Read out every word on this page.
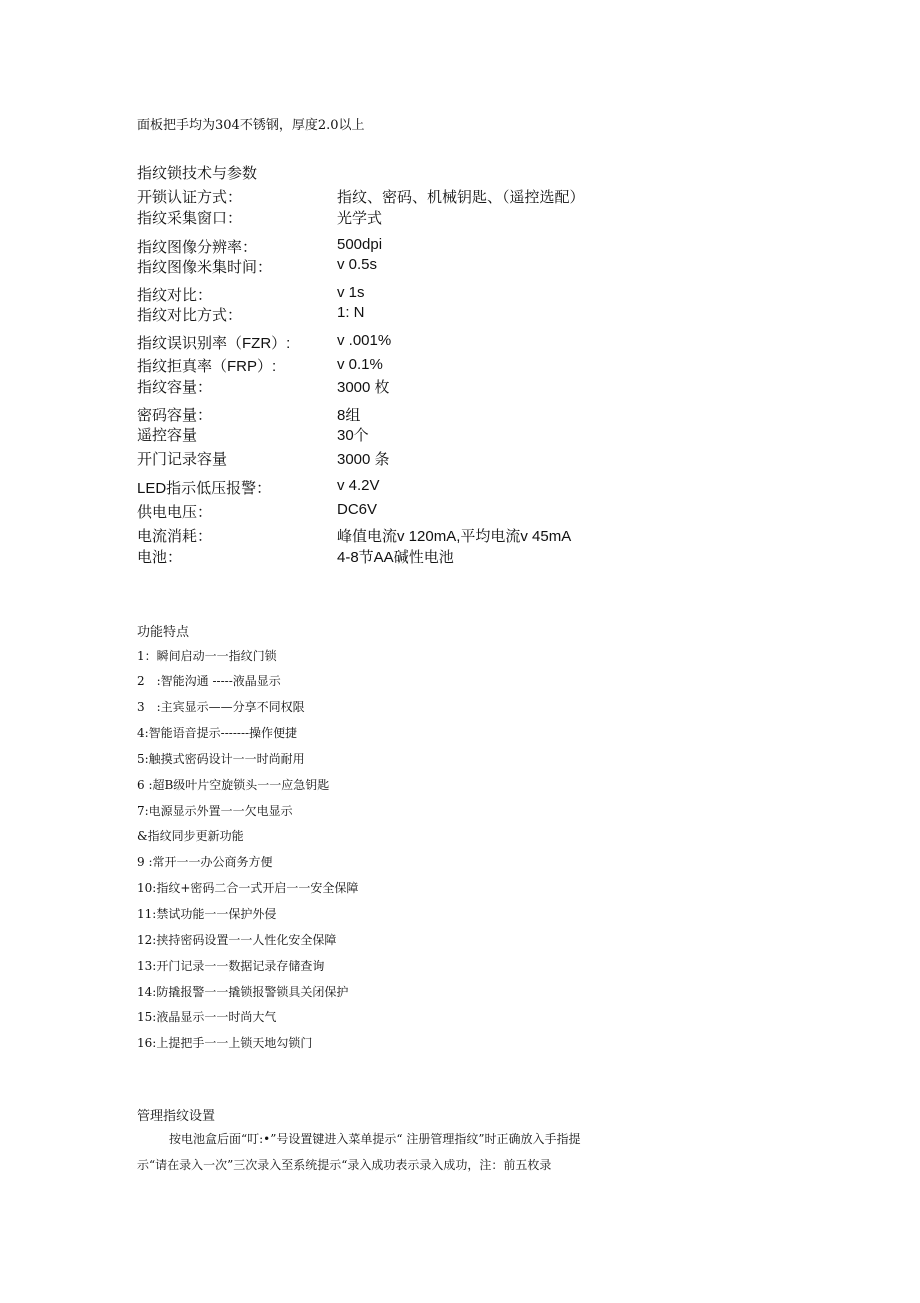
面板把手均为304不锈钢，厚度2.0以上
指纹锁技术与参数
开锁认证方式：	指纹、密码、机械钥匙、（遥控选配）
指纹采集窗口：	光学式
指纹图像分辨率：	500dpi
指纹图像米集时间：	v 0.5s
指纹对比：	v 1s
指纹对比方式：	1: N
指纹误识别率（FZR）:	v .001%
指纹拒真率（FRP）:	v 0.1%
指纹容量：	3000 枚
密码容量：	8组
遥控容量	30个
开门记录容量	3000 条
LED指示低压报警：	v 4.2V
供电电压：	DC6V
电流消耗：	峰值电流v 120mA,平均电流v 45mA
电池：	4-8节AA碱性电池
功能特点
1：瞬间启动一一指纹门锁
2　:智能沟通 -----液晶显示
3　:主宾显示——分享不同权限
4:智能语音提示-------操作便捷
5:触摸式密码设计一一时尚耐用
6 :超B级叶片空旋锁头一一应急钥匙
7:电源显示外置一一欠电显示
&指纹同步更新功能
9 :常开一一办公商务方便
10:指纹+密码二合一式开启一一安全保障
11:禁试功能一一保护外侵
12:挟持密码设置一一人性化安全保障
13:开门记录一一数据记录存储查询
14:防撬报警一一撬锁报警锁具关闭保护
15:液晶显示一一时尚大气
16:上提把手一一上锁天地勾锁门
管理指纹设置
按电池盒后面“叮:•”号设置键进入菜单提示“ 注册管理指纹”时正确放入手指提
示“请在录入一次”三次录入至系统提示“录入成功表示录入成功，注：前五枚录
